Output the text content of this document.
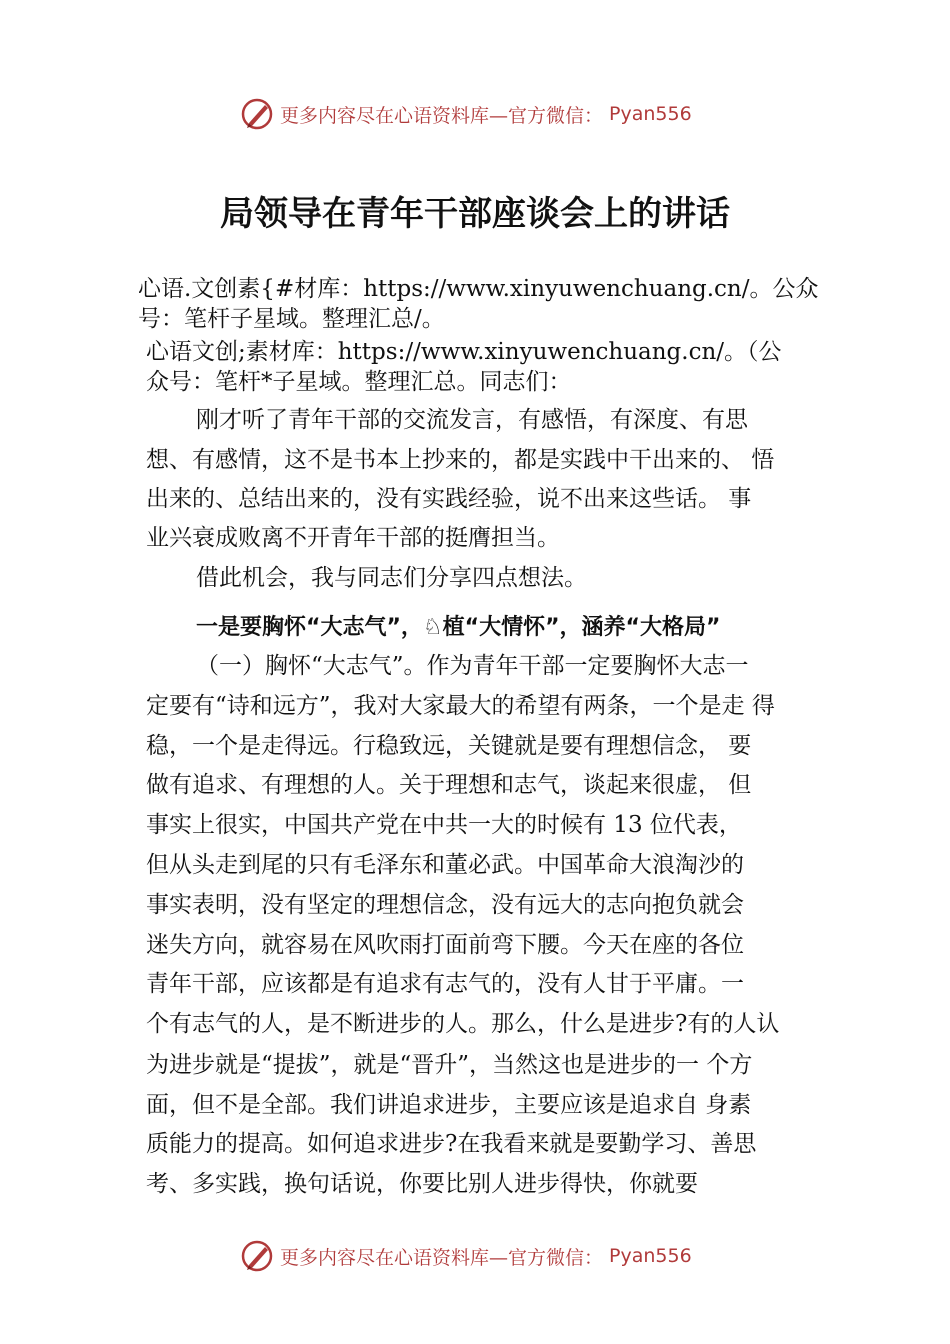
更多内容尽在心语资料库—官方微信： Pyan556
局领导在青年干部座谈会上的讲话
心语.文创素{#材库：https://www.xinyuwenchuang.cn/。公众
号：笔杆子星域。整理汇总/。
心语文创;素材库：https://www.xinyuwenchuang.cn/。（公
众号：笔杆*子星域。整理汇总。同志们：
刚才听了青年干部的交流发言，有感悟，有深度、有思
想、有感情，这不是书本上抄来的，都是实践中干出来的、 悟
出来的、总结出来的，没有实践经验，说不出来这些话。 事
业兴衰成败离不开青年干部的挺膺担当。
借此机会，我与同志们分享四点想法。
一是要胸怀“大志气”，♘植“大情怀”，涵养“大格局”
（一）胸怀“大志气”。作为青年干部一定要胸怀大志一
定要有“诗和远方”，我对大家最大的希望有两条，一个是走 得
稳，一个是走得远。行稳致远，关键就是要有理想信念， 要
做有追求、有理想的人。关于理想和志气，谈起来很虚， 但
事实上很实，中国共产党在中共一大的时候有 13 位代表，
但从头走到尾的只有毛泽东和董必武。中国革命大浪淘沙的
事实表明，没有坚定的理想信念，没有远大的志向抱负就会
迷失方向，就容易在风吹雨打面前弯下腰。今天在座的各位
青年干部，应该都是有追求有志气的，没有人甘于平庸。一
个有志气的人，是不断进步的人。那么，什么是进步?有的人认
为进步就是“提拔”，就是“晋升”，当然这也是进步的一 个方
面，但不是全部。我们讲追求进步，主要应该是追求自 身素
质能力的提高。如何追求进步?在我看来就是要勤学习、善思
考、多实践，换句话说，你要比别人进步得快，你就要
更多内容尽在心语资料库—官方微信： Pyan556
